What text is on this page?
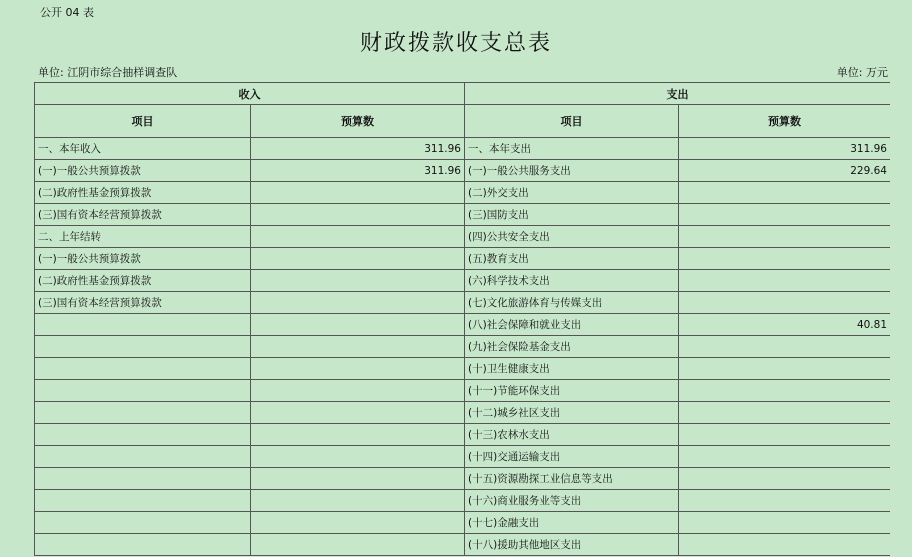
公开 04 表
财政拨款收支总表
单位: 江阴市综合抽样调查队	单位: 万元
收入		支出	
项目	预算数	项目	预算数
一、本年收入	311.96	一、本年支出	311.96
(一)一般公共预算拨款	311.96	(一)一般公共服务支出	229.64
(二)政府性基金预算拨款		(二)外交支出	
(三)国有资本经营预算拨款		(三)国防支出	
二、上年结转		(四)公共安全支出	
(一)一般公共预算拨款		(五)教育支出	
(二)政府性基金预算拨款		(六)科学技术支出	
(三)国有资本经营预算拨款		(七)文化旅游体育与传媒支出	
		(八)社会保障和就业支出	40.81
		(九)社会保险基金支出	
		(十)卫生健康支出	
		(十一)节能环保支出	
		(十二)城乡社区支出	
		(十三)农林水支出	
		(十四)交通运输支出	
		(十五)资源勘探工业信息等支出	
		(十六)商业服务业等支出	
		(十七)金融支出	
		(十八)援助其他地区支出	
